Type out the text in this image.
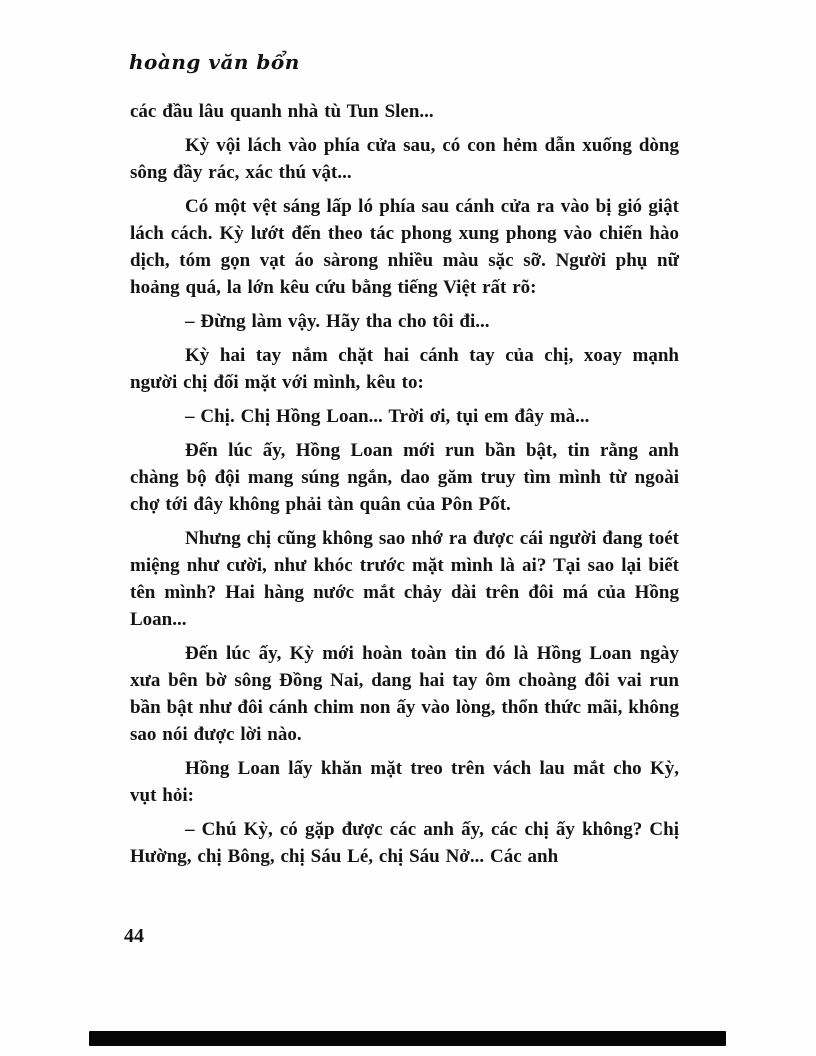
hoàng văn bổn

các đầu lâu quanh nhà tù Tun Slen...

Kỳ vội lách vào phía cửa sau, có con hẻm dẫn xuống dòng sông đầy rác, xác thú vật...

Có một vệt sáng lấp ló phía sau cánh cửa ra vào bị gió giật lách cách. Kỳ lướt đến theo tác phong xung phong vào chiến hào dịch, tóm gọn vạt áo sàrong nhiều màu sặc sỡ. Người phụ nữ hoảng quá, la lớn kêu cứu bằng tiếng Việt rất rõ:

– Đừng làm vậy. Hãy tha cho tôi đi...

Kỳ hai tay nắm chặt hai cánh tay của chị, xoay mạnh người chị đối mặt với mình, kêu to:

– Chị. Chị Hồng Loan... Trời ơi, tụi em đây mà...

Đến lúc ấy, Hồng Loan mới run bần bật, tin rằng anh chàng bộ đội mang súng ngắn, dao găm truy tìm mình từ ngoài chợ tới đây không phải tàn quân của Pôn Pốt.

Nhưng chị cũng không sao nhớ ra được cái người đang toét miệng như cười, như khóc trước mặt mình là ai? Tại sao lại biết tên mình? Hai hàng nước mắt chảy dài trên đôi má của Hồng Loan...

Đến lúc ấy, Kỳ mới hoàn toàn tin đó là Hồng Loan ngày xưa bên bờ sông Đồng Nai, dang hai tay ôm choàng đôi vai run bần bật như đôi cánh chim non ấy vào lòng, thổn thức mãi, không sao nói được lời nào.

Hồng Loan lấy khăn mặt treo trên vách lau mắt cho Kỳ, vụt hỏi:

– Chú Kỳ, có gặp được các anh ấy, các chị ấy không? Chị Hường, chị Bông, chị Sáu Lé, chị Sáu Nở... Các anh

44
